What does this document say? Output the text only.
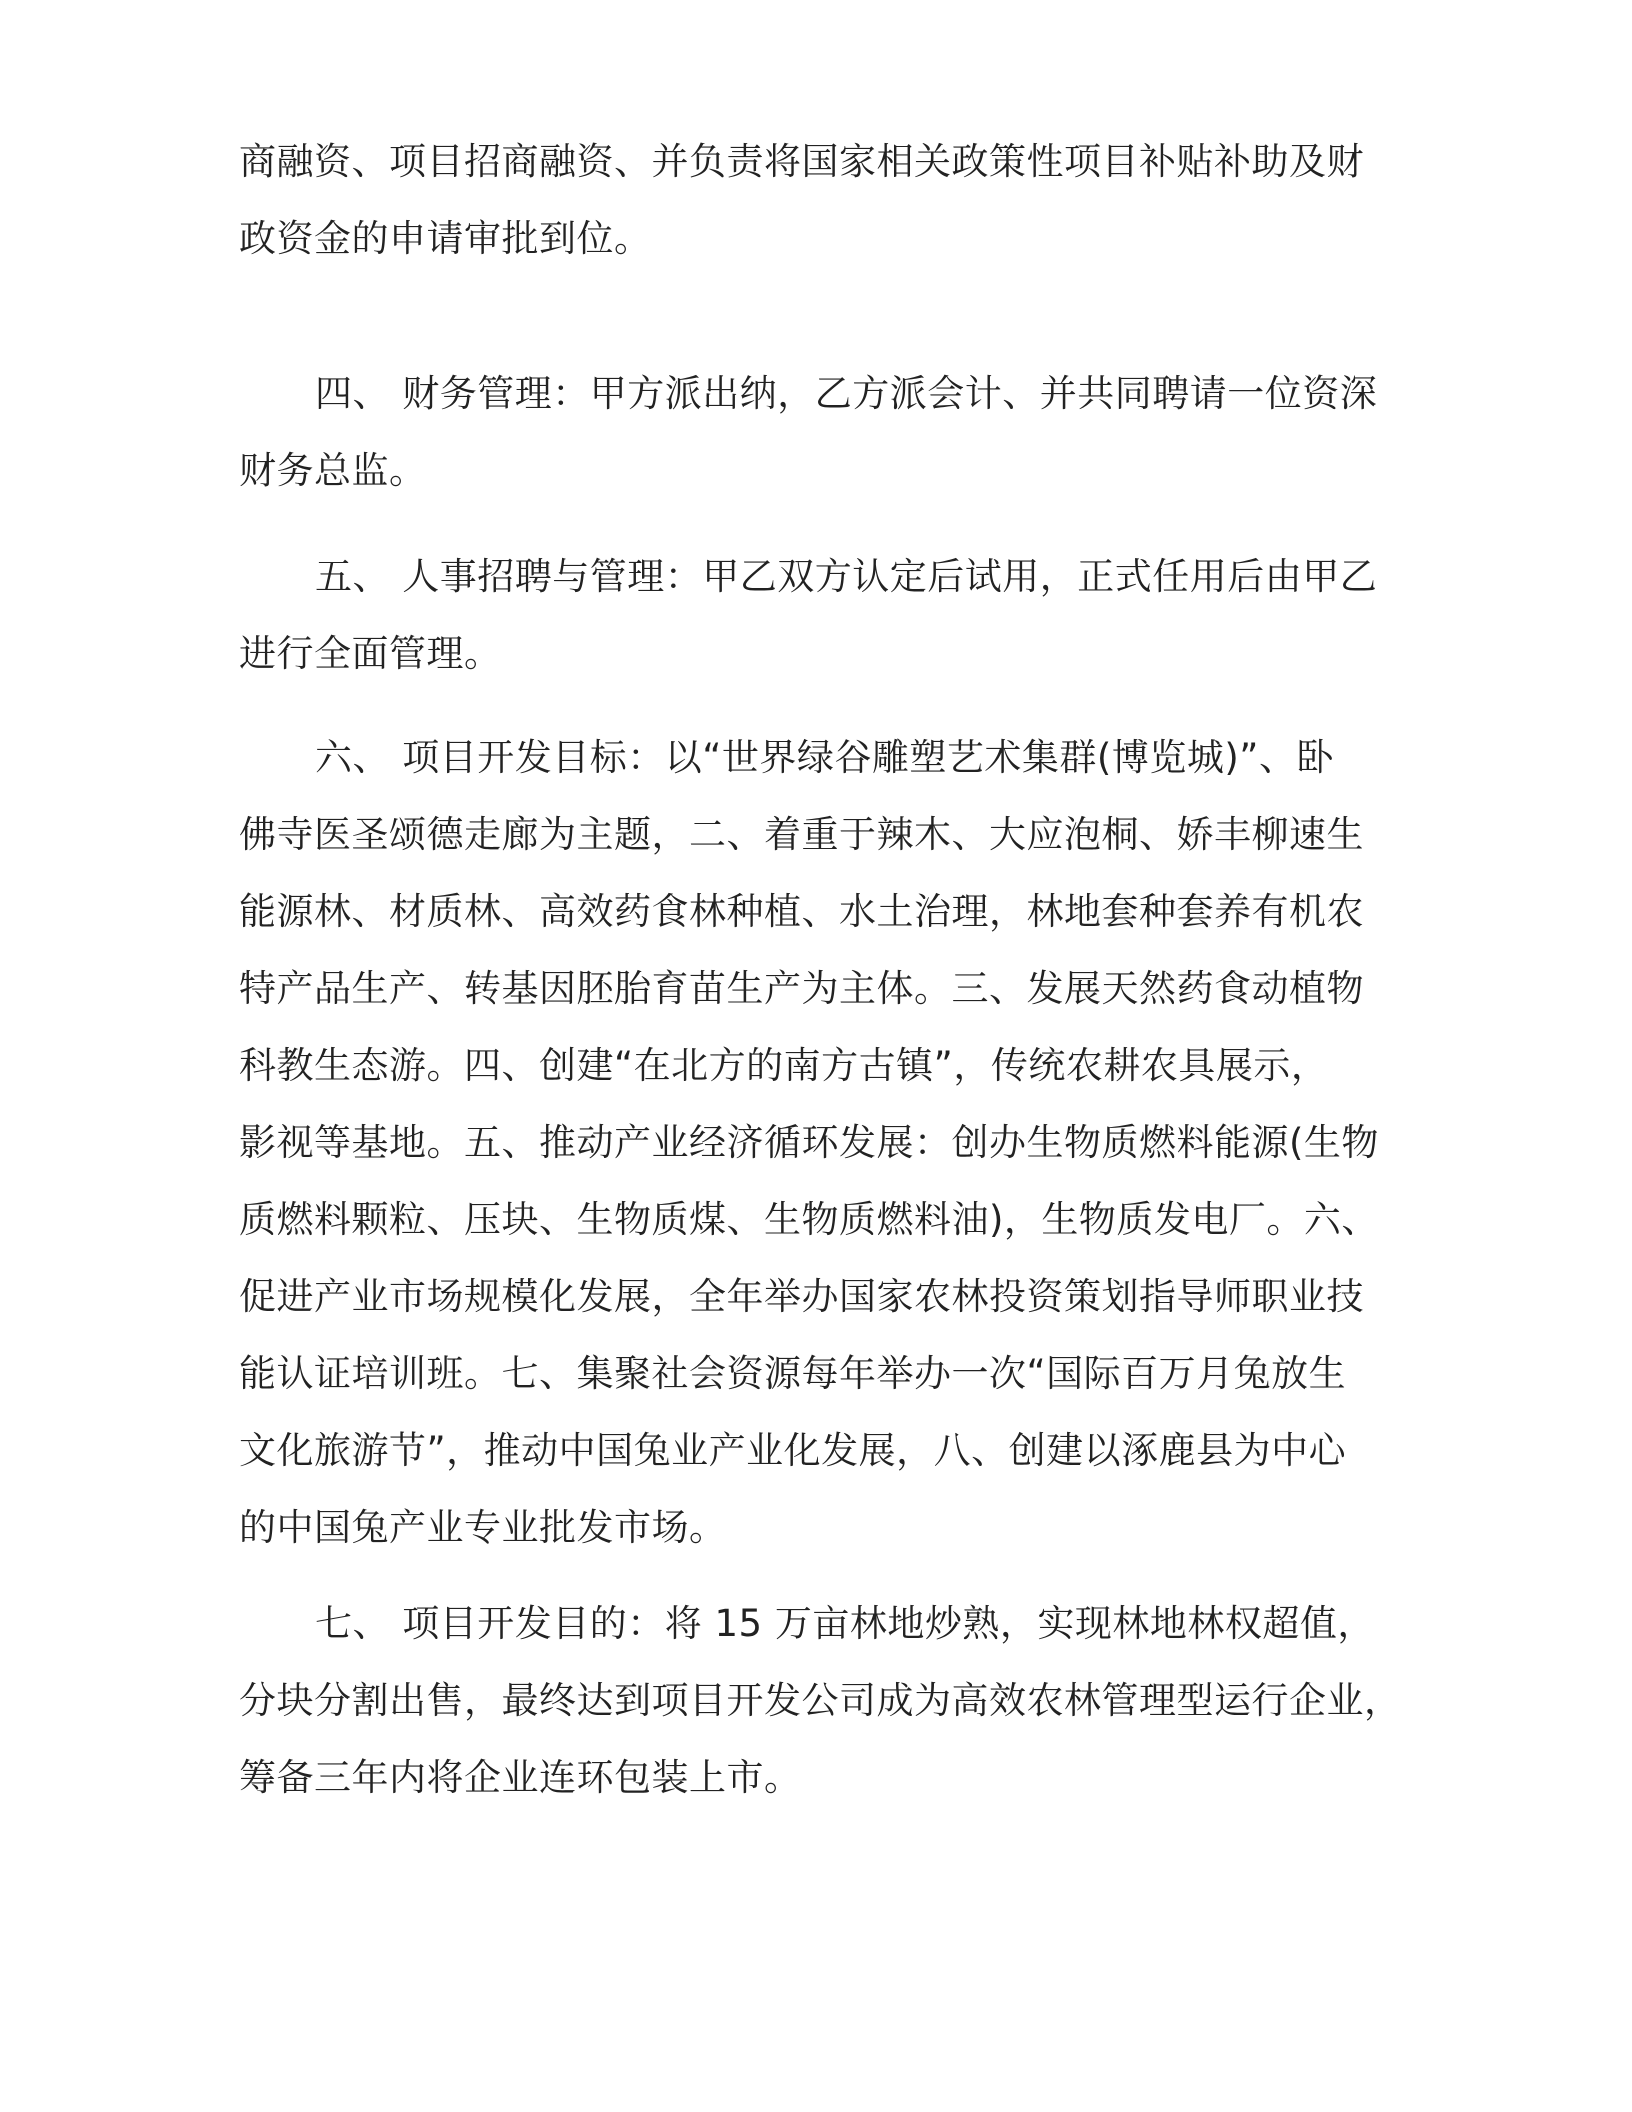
商融资、项目招商融资、并负责将国家相关政策性项目补贴补助及财
政资金的申请审批到位。
四、 财务管理：甲方派出纳，乙方派会计、并共同聘请一位资深
财务总监。
五、 人事招聘与管理：甲乙双方认定后试用，正式任用后由甲乙
进行全面管理。
六、 项目开发目标：以“世界绿谷雕塑艺术集群(博览城)”、卧
佛寺医圣颂德走廊为主题，二、着重于辣木、大应泡桐、娇丰柳速生
能源林、材质林、高效药食林种植、水土治理，林地套种套养有机农
特产品生产、转基因胚胎育苗生产为主体。三、发展天然药食动植物
科教生态游。四、创建“在北方的南方古镇”，传统农耕农具展示，
影视等基地。五、推动产业经济循环发展：创办生物质燃料能源(生物
质燃料颗粒、压块、生物质煤、生物质燃料油)，生物质发电厂。六、
促进产业市场规模化发展，全年举办国家农林投资策划指导师职业技
能认证培训班。七、集聚社会资源每年举办一次“国际百万月兔放生
文化旅游节”，推动中国兔业产业化发展，八、创建以涿鹿县为中心
的中国兔产业专业批发市场。
七、 项目开发目的：将 15 万亩林地炒熟，实现林地林权超值，
分块分割出售，最终达到项目开发公司成为高效农林管理型运行企业，
筹备三年内将企业连环包装上市。
